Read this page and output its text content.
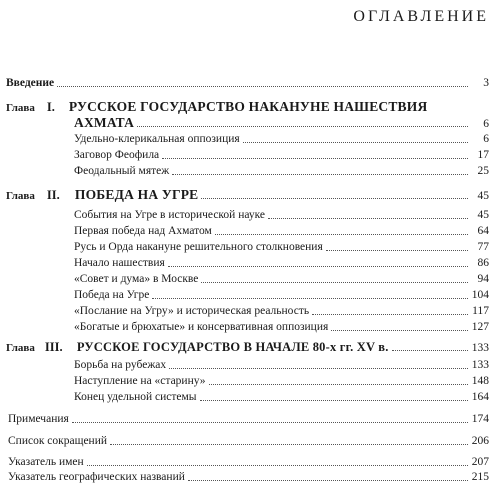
ОГЛАВЛЕНИЕ
Введение	3
Глава I.	РУССКОЕ ГОСУДАРСТВО НАКАНУНЕ НАШЕСТВИЯ
АХМАТА	6
Удельно-клерикальная оппозиция	6
Заговор Феофила	17
Феодальный мятеж	25
Глава II.	ПОБЕДА НА УГРЕ	45
События на Угре в исторической науке	45
Первая победа над Ахматом	64
Русь и Орда накануне решительного столкновения	77
Начало нашествия	86
«Совет и дума» в Москве	94
Победа на Угре	104
«Послание на Угру» и историческая реальность	117
«Богатые и брюхатые» и консервативная оппозиция	127
Глава III.	РУССКОЕ ГОСУДАРСТВО В НАЧАЛЕ 80-х гг. XV в.	133
Борьба на рубежах	133
Наступление на «старину»	148
Конец удельной системы	164
Примечания	174
Список сокращений	206
Указатель имен	207
Указатель географических названий	215
